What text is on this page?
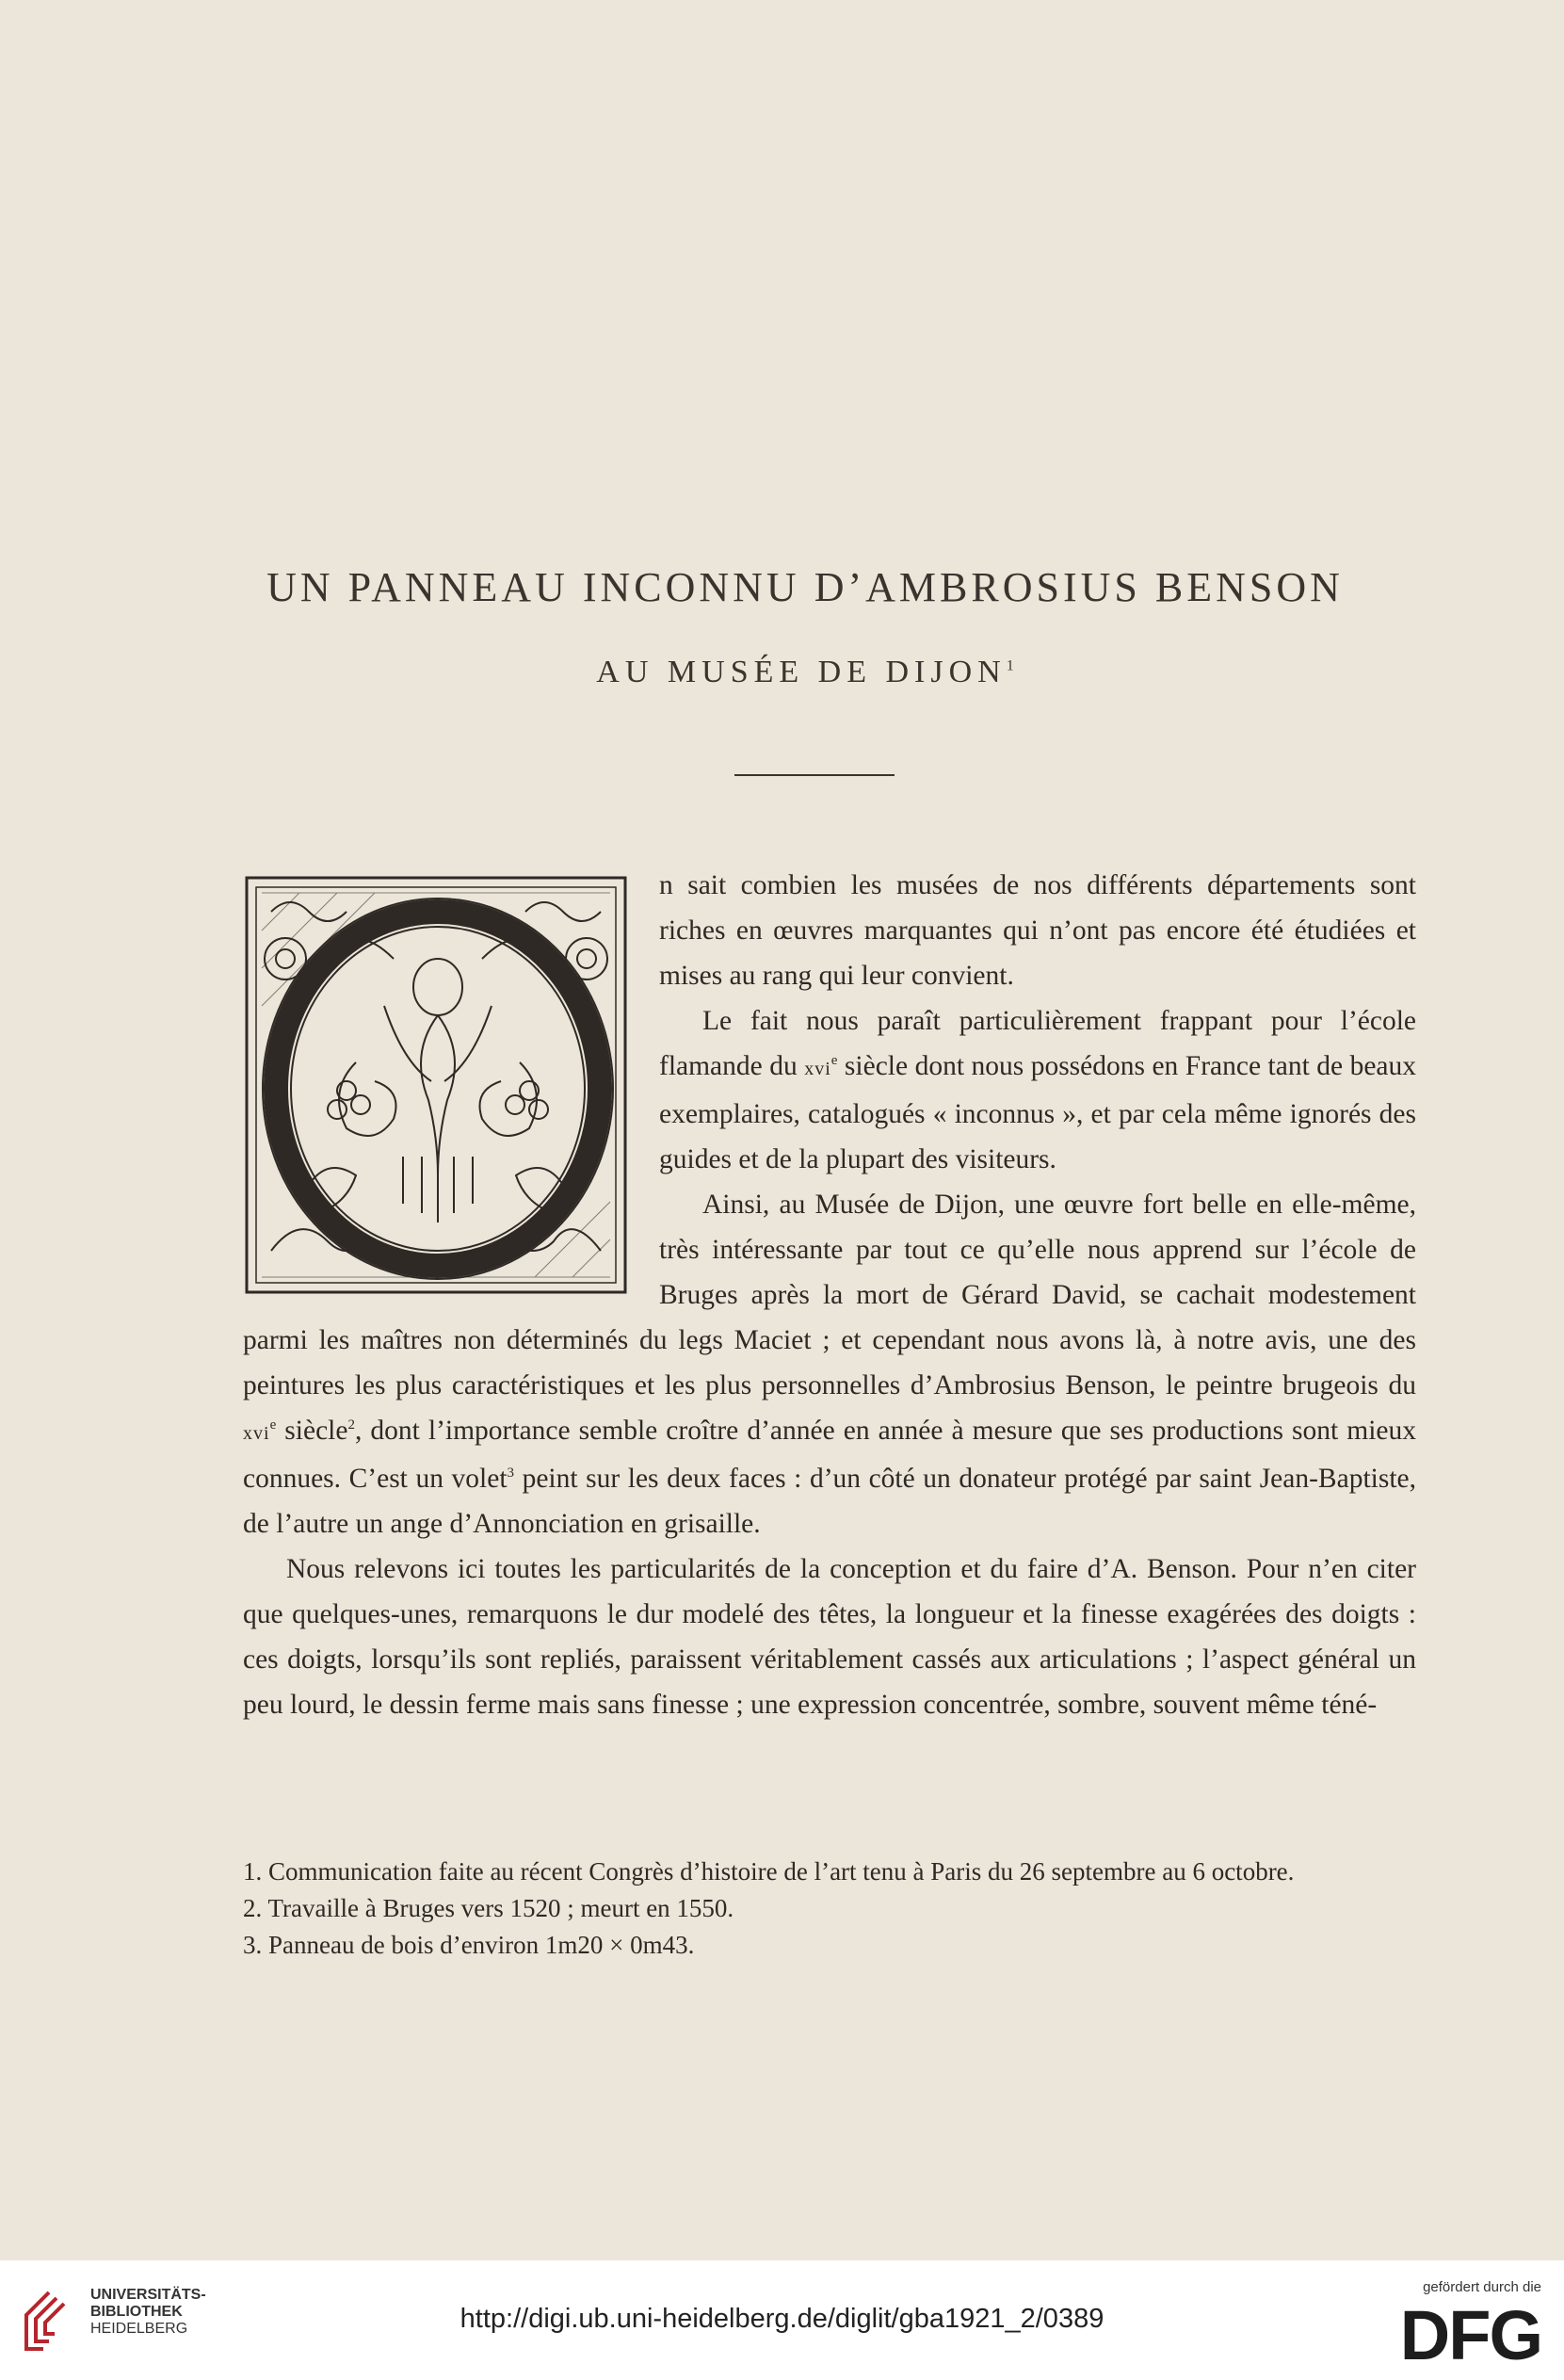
UN PANNEAU INCONNU D’AMBROSIUS BENSON
AU MUSÉE DE DIJON$^1$

n sait combien les musées de nos différents départements sont riches en œuvres marquantes qui n’ont pas encore été étudiées et mises au rang qui leur convient.

Le fait nous paraît particulièrement frappant pour l’école flamande du xvi$^e$ siècle dont nous possédons en France tant de beaux exemplaires, catalogués « inconnus », et par cela même ignorés des guides et de la plupart des visiteurs.

Ainsi, au Musée de Dijon, une œuvre fort belle en elle-même, très intéressante par tout ce qu’elle nous apprend sur l’école de Bruges après la mort de Gérard David, se cachait modestement parmi les maîtres non déterminés du legs Maciet ; et cependant nous avons là, à notre avis, une des peintures les plus caractéristiques et les plus personnelles d’Ambrosius Benson, le peintre brugeois du xvi$^e$ siècle$^2$, dont l’importance semble croître d’année en année à mesure que ses productions sont mieux connues. C’est un volet$^3$ peint sur les deux faces : d’un côté un donateur protégé par saint Jean-Baptiste, de l’autre un ange d’Annonciation en grisaille.

Nous relevons ici toutes les particularités de la conception et du faire d’A. Benson. Pour n’en citer que quelques-unes, remarquons le dur modelé des têtes, la longueur et la finesse exagérées des doigts : ces doigts, lorsqu’ils sont repliés, paraissent véritablement cassés aux articulations ; l’aspect général un peu lourd, le dessin ferme mais sans finesse ; une expression concentrée, sombre, souvent même téné-

1. Communication faite au récent Congrès d’histoire de l’art tenu à Paris du 26 septembre au 6 octobre.

2. Travaille à Bruges vers 1520 ; meurt en 1550.

3. Panneau de bois d’environ 1m20 × 0m43.

UNIVERSITÄTS-
BIBLIOTHEK
HEIDELBERG	http://digi.ub.uni-heidelberg.de/diglit/gba1921_2/0389
gefördert durch die
DFG
